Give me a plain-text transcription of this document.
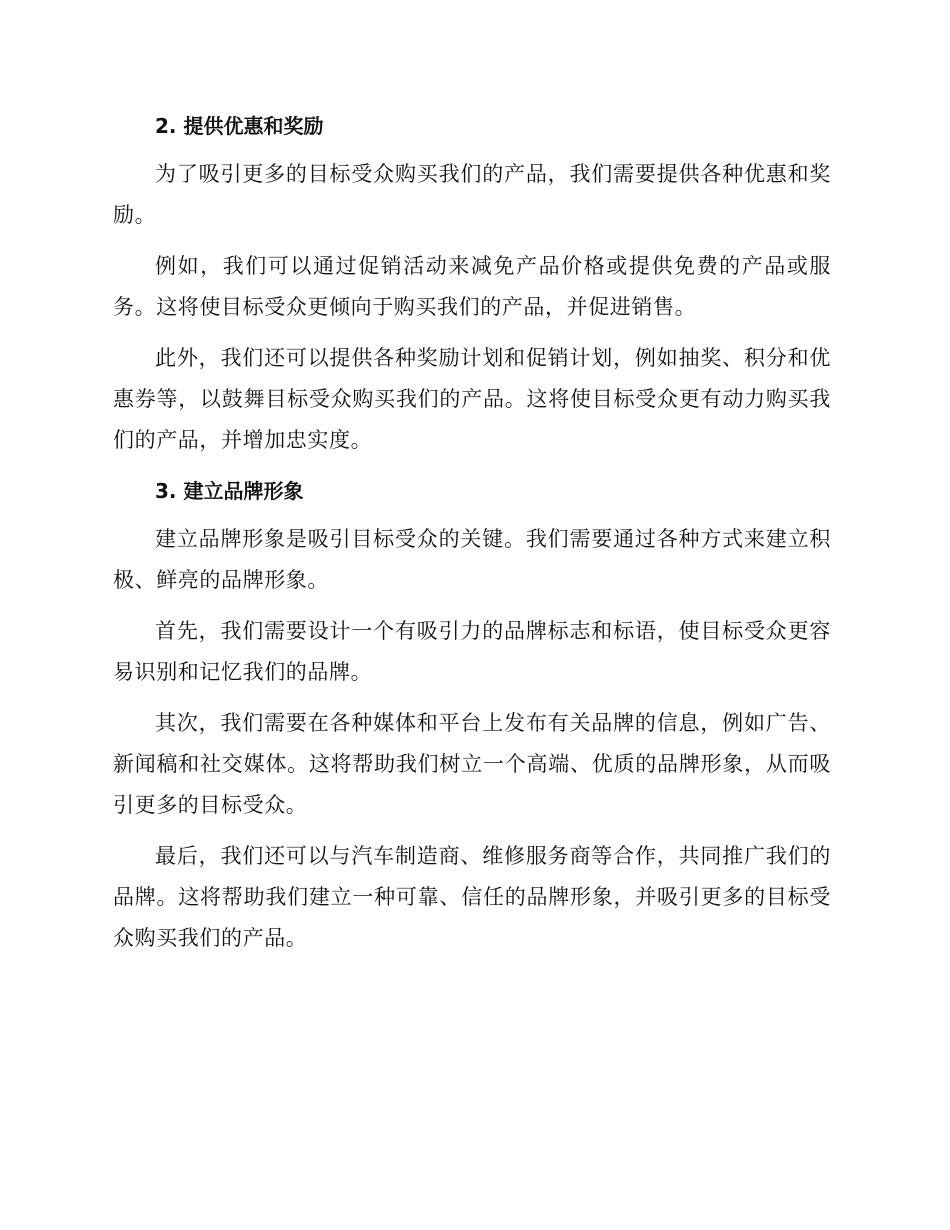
2. 提供优惠和奖励

为了吸引更多的目标受众购买我们的产品，我们需要提供各种优惠和奖励。

例如，我们可以通过促销活动来减免产品价格或提供免费的产品或服务。这将使目标受众更倾向于购买我们的产品，并促进销售。

此外，我们还可以提供各种奖励计划和促销计划，例如抽奖、积分和优惠券等，以鼓舞目标受众购买我们的产品。这将使目标受众更有动力购买我们的产品，并增加忠实度。

3. 建立品牌形象

建立品牌形象是吸引目标受众的关键。我们需要通过各种方式来建立积极、鲜亮的品牌形象。

首先，我们需要设计一个有吸引力的品牌标志和标语，使目标受众更容易识别和记忆我们的品牌。

其次，我们需要在各种媒体和平台上发布有关品牌的信息，例如广告、新闻稿和社交媒体。这将帮助我们树立一个高端、优质的品牌形象，从而吸引更多的目标受众。

最后，我们还可以与汽车制造商、维修服务商等合作，共同推广我们的品牌。这将帮助我们建立一种可靠、信任的品牌形象，并吸引更多的目标受众购买我们的产品。
